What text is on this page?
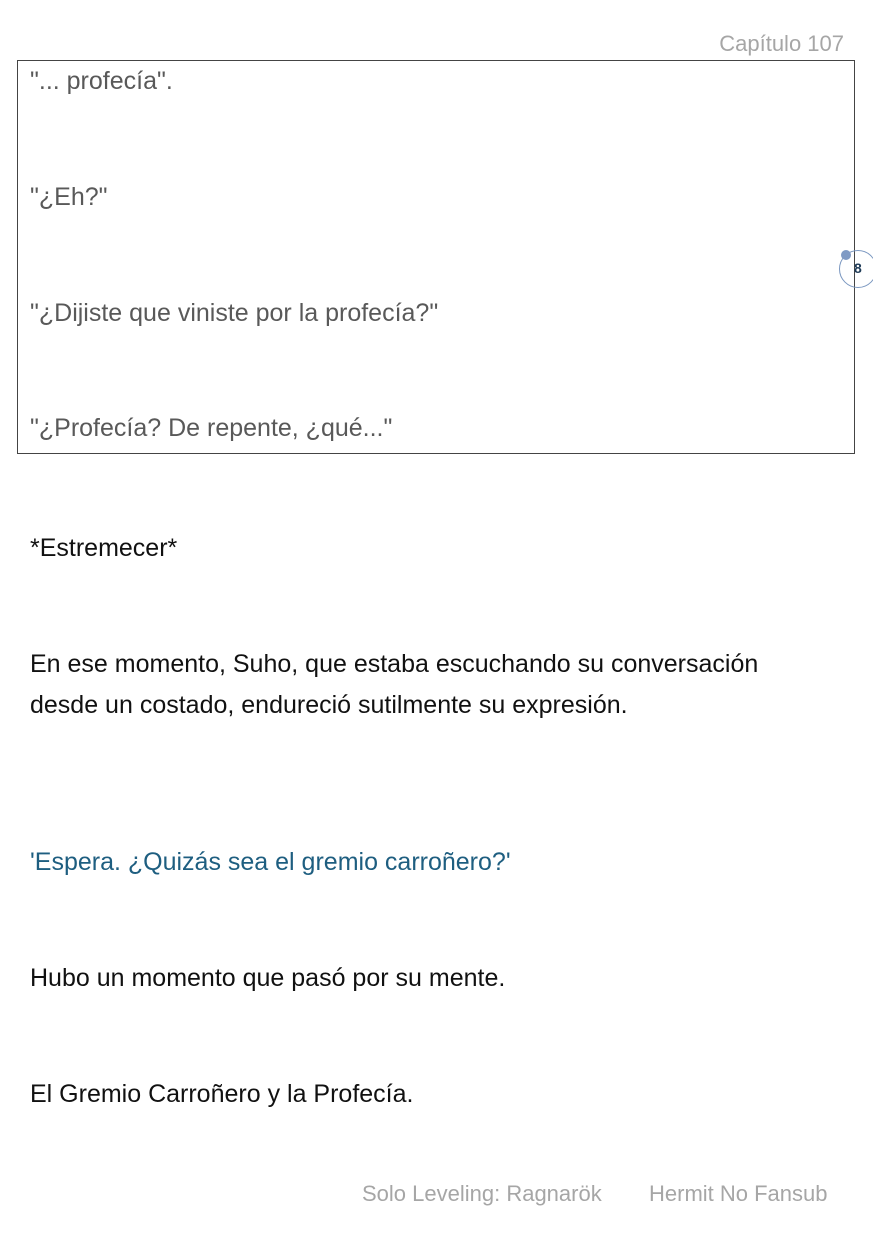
Capítulo 107
"... profecía".
"¿Eh?"
"¿Dijiste que viniste por la profecía?"
"¿Profecía? De repente, ¿qué..."
8
*Estremecer*
En ese momento, Suho, que estaba escuchando su conversación desde un costado, endureció sutilmente su expresión.
'Espera. ¿Quizás sea el gremio carroñero?'
Hubo un momento que pasó por su mente.
El Gremio Carroñero y la Profecía.
Solo Leveling: Ragnarök Hermit No Fansub
